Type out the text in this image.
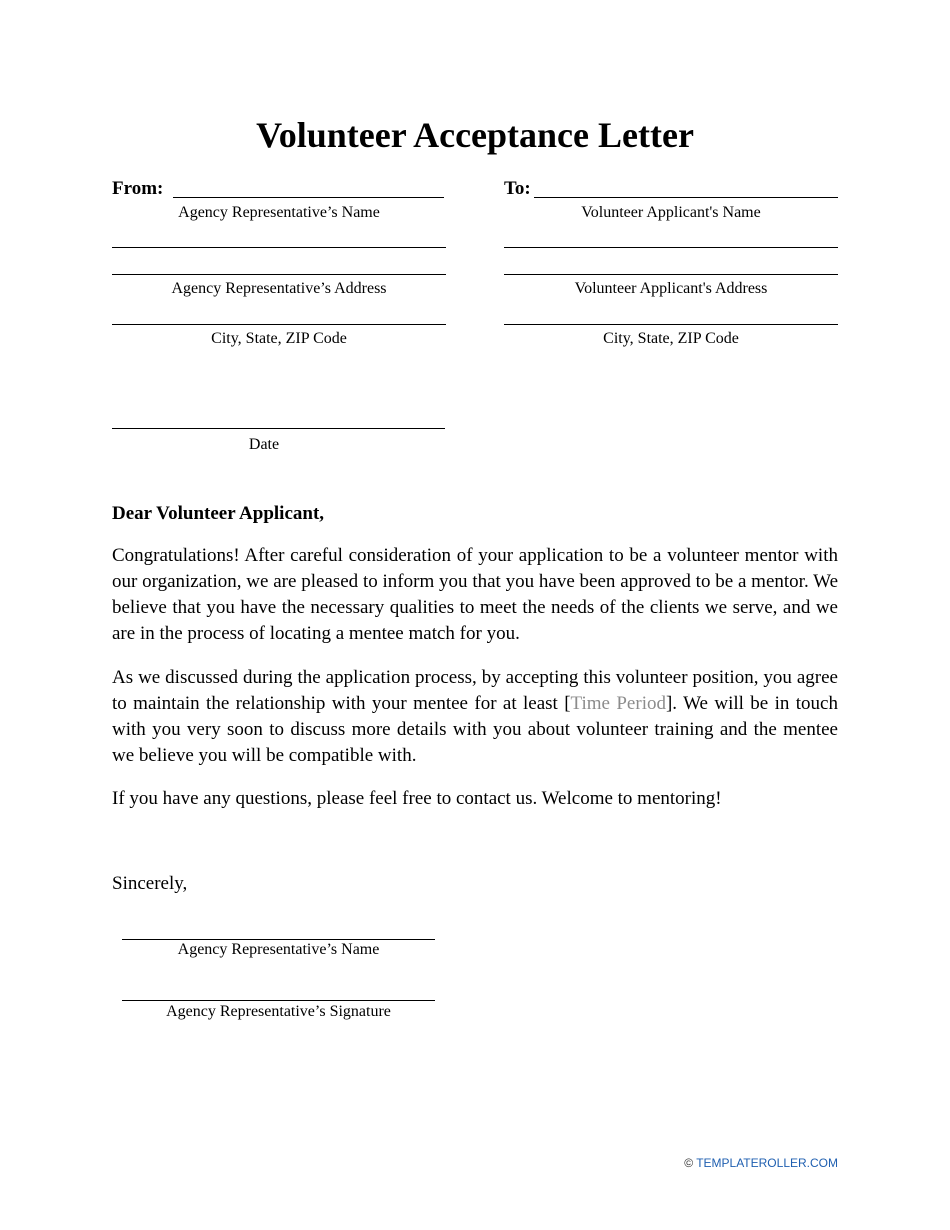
Volunteer Acceptance Letter
From:
Agency Representative’s Name
Agency Representative’s Address
City, State, ZIP Code
Date
To:
Volunteer Applicant's Name
Volunteer Applicant's Address
City, State, ZIP Code
Dear Volunteer Applicant,
Congratulations! After careful consideration of your application to be a volunteer mentor with our organization, we are pleased to inform you that you have been approved to be a mentor. We believe that you have the necessary qualities to meet the needs of the clients we serve, and we are in the process of locating a mentee match for you.
As we discussed during the application process, by accepting this volunteer position, you agree to maintain the relationship with your mentee for at least [Time Period]. We will be in touch with you very soon to discuss more details with you about volunteer training and the mentee we believe you will be compatible with.
If you have any questions, please feel free to contact us. Welcome to mentoring!
Sincerely,
Agency Representative’s Name
Agency Representative’s Signature
© TEMPLATEROLLER.COM
